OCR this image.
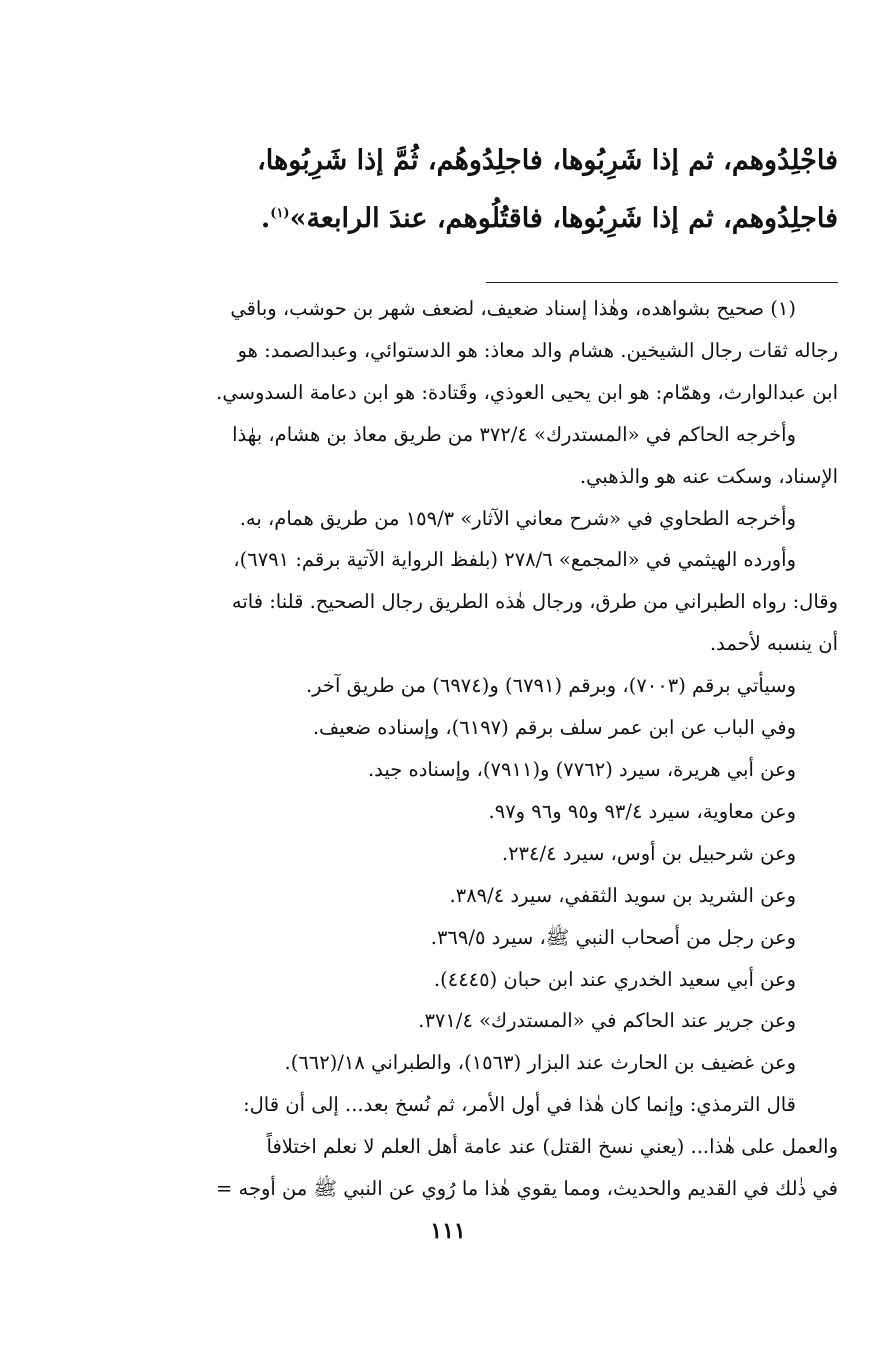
فاجْلِدُوهم، ثم إذا شَرِبُوها، فاجلِدُوهُم، ثُمَّ إذا شَرِبُوها،
فاجلِدُوهم، ثم إذا شَرِبُوها، فاقتُلُوهم، عندَ الرابعة»$^{(١)}$.
(١) صحيح بشواهده، وهٰذا إسناد ضعيف، لضعف شهر بن حوشب، وباقي
رجاله ثقات رجال الشيخين. هشام والد معاذ: هو الدستوائي، وعبدالصمد: هو
ابن عبدالوارث، وهمّام: هو ابن يحيى العوذي، وقَتادة: هو ابن دعامة السدوسي.
وأخرجه الحاكم في «المستدرك» ٣٧٢/٤ من طريق معاذ بن هشام، بهٰذا
الإسناد، وسكت عنه هو والذهبي.
وأخرجه الطحاوي في «شرح معاني الآثار» ١٥٩/٣ من طريق همام، به.
وأورده الهيثمي في «المجمع» ٢٧٨/٦ (بلفظ الرواية الآتية برقم: ٦٧٩١)،
وقال: رواه الطبراني من طرق، ورجال هٰذه الطريق رجال الصحيح. قلنا: فاته
أن ينسبه لأحمد.
وسيأتي برقم (٧٠٠٣)، وبرقم (٦٧٩١) و(٦٩٧٤) من طريق آخر.
وفي الباب عن ابن عمر سلف برقم (٦١٩٧)، وإسناده ضعيف.
وعن أبي هريرة، سيرد (٧٧٦٢) و(٧٩١١)، وإسناده جيد.
وعن معاوية، سيرد ٩٣/٤ و٩٥ و٩٦ و٩٧.
وعن شرحبيل بن أوس، سيرد ٢٣٤/٤.
وعن الشريد بن سويد الثقفي، سيرد ٣٨٩/٤.
وعن رجل من أصحاب النبي ﷺ، سيرد ٣٦٩/٥.
وعن أبي سعيد الخدري عند ابن حبان (٤٤٤٥).
وعن جرير عند الحاكم في «المستدرك» ٣٧١/٤.
وعن غضيف بن الحارث عند البزار (١٥٦٣)، والطبراني ١٨/(٦٦٢).
قال الترمذي: وإنما كان هٰذا في أول الأمر، ثم نُسخ بعد... إلى أن قال:
والعمل على هٰذا... (يعني نسخ القتل) عند عامة أهل العلم لا نعلم اختلافاً
في ذٰلك في القديم والحديث، ومما يقوي هٰذا ما رُوي عن النبي ﷺ من أوجه =
١١١
